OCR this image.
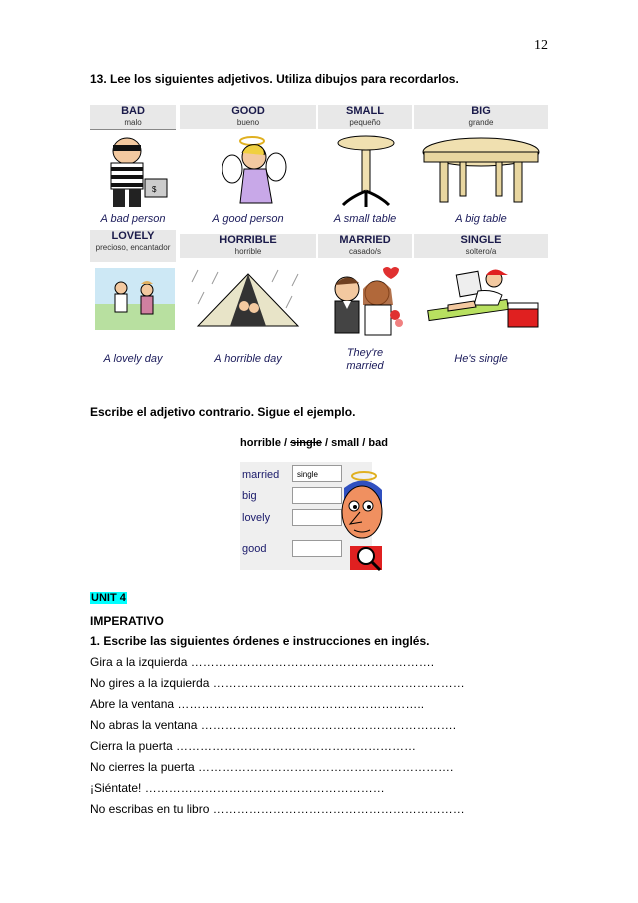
12
13. Lee los siguientes adjetivos. Utiliza dibujos para recordarlos.
BAD
malo
GOOD
bueno
SMALL
pequeño
BIG
grande
$
A bad person	A good person	A small table	A big table
LOVELY
precioso, encantador
HORRIBLE
horrible
MARRIED
casado/s
SINGLE
soltero/a
A lovely day	A horrible day	They're married
He's single
Escribe el adjetivo contrario. Sigue el ejemplo.
horrible / single / small / bad
married	single
big
lovely
good
UNIT 4
IMPERATIVO
1. Escribe las siguientes órdenes e instrucciones en inglés.
Gira a la izquierda …………………………………………………….
No gires a la izquierda ………………………………………………………
Abre la ventana ……………………………………………………..
No abras la ventana ……………………………………………………….
Cierra la puerta ……………………………………………………
No cierres la puerta ……………………………………………………….
¡Siéntate! ……………………………………………………
No escribas en tu libro ………………………………………………………
